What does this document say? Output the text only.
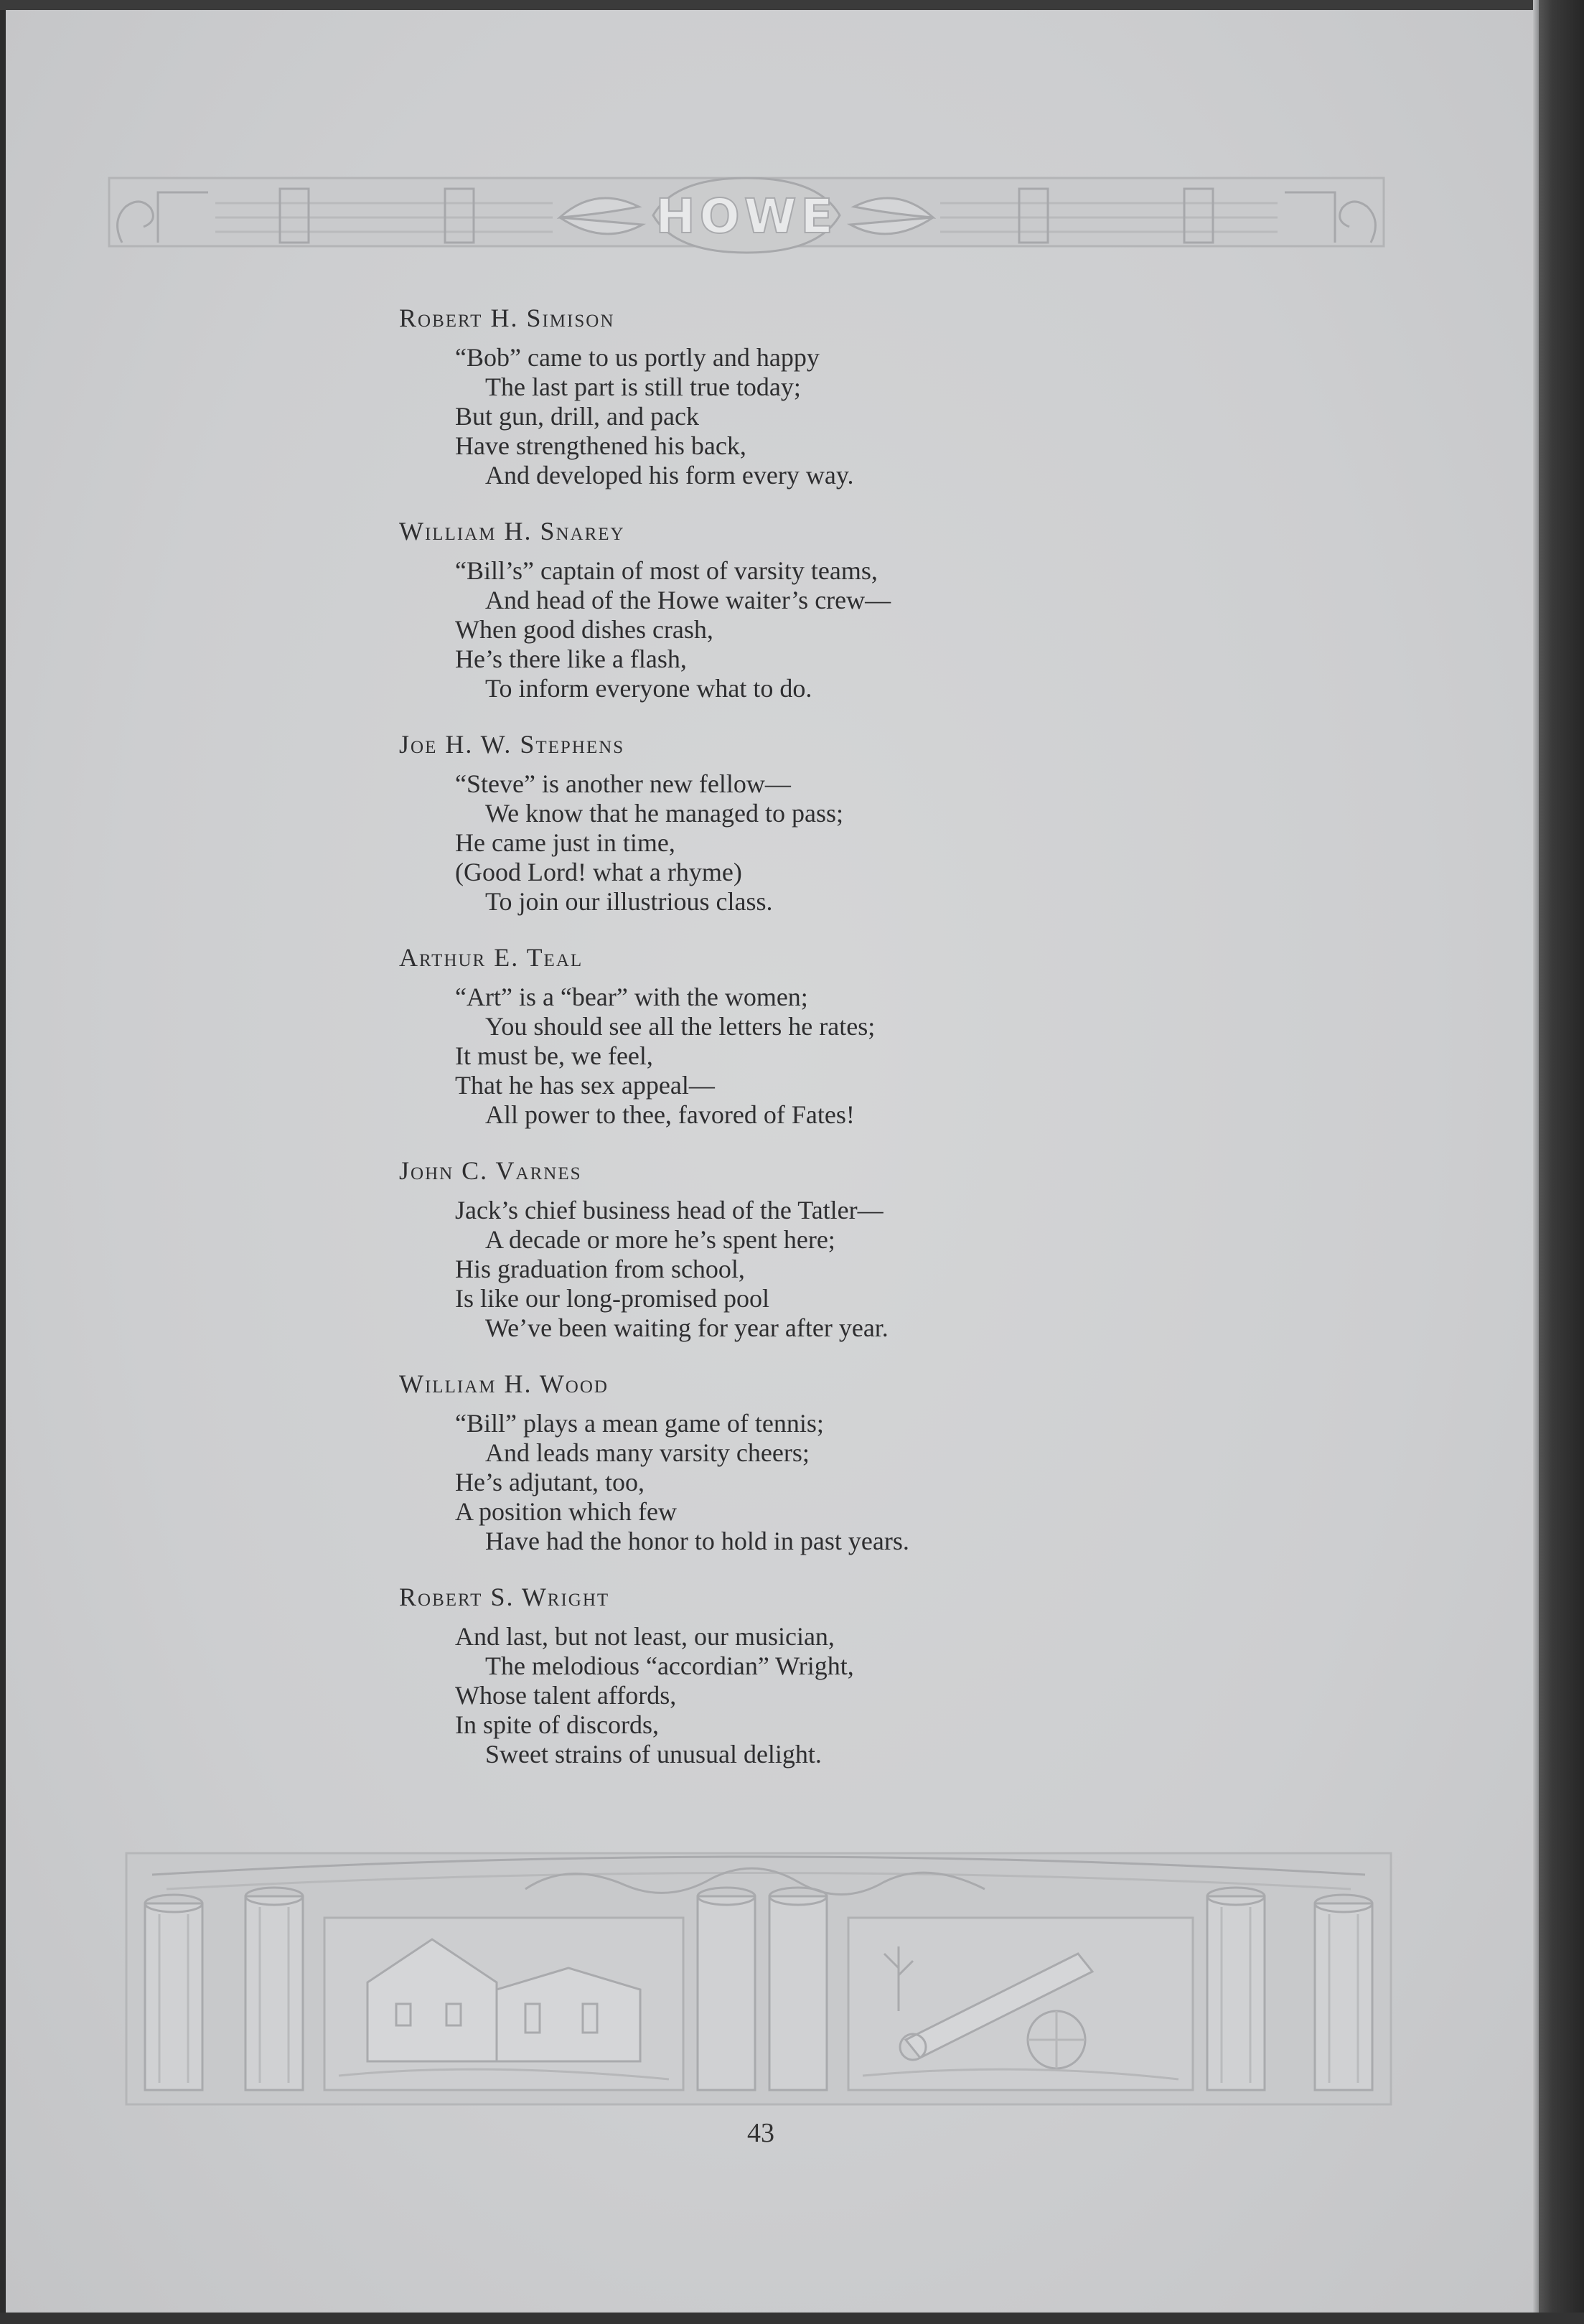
HOWE
Robert H. Simison
“Bob” came to us portly and happy
The last part is still true today;
But gun, drill, and pack
Have strengthened his back,
And developed his form every way.
William H. Snarey
“Bill’s” captain of most of varsity teams,
And head of the Howe waiter’s crew—
When good dishes crash,
He’s there like a flash,
To inform everyone what to do.
Joe H. W. Stephens
“Steve” is another new fellow—
We know that he managed to pass;
He came just in time,
(Good Lord! what a rhyme)
To join our illustrious class.
Arthur E. Teal
“Art” is a “bear” with the women;
You should see all the letters he rates;
It must be, we feel,
That he has sex appeal—
All power to thee, favored of Fates!
John C. Varnes
Jack’s chief business head of the Tatler—
A decade or more he’s spent here;
His graduation from school,
Is like our long-promised pool
We’ve been waiting for year after year.
William H. Wood
“Bill” plays a mean game of tennis;
And leads many varsity cheers;
He’s adjutant, too,
A position which few
Have had the honor to hold in past years.
Robert S. Wright
And last, but not least, our musician,
The melodious “accordian” Wright,
Whose talent affords,
In spite of discords,
Sweet strains of unusual delight.
43
